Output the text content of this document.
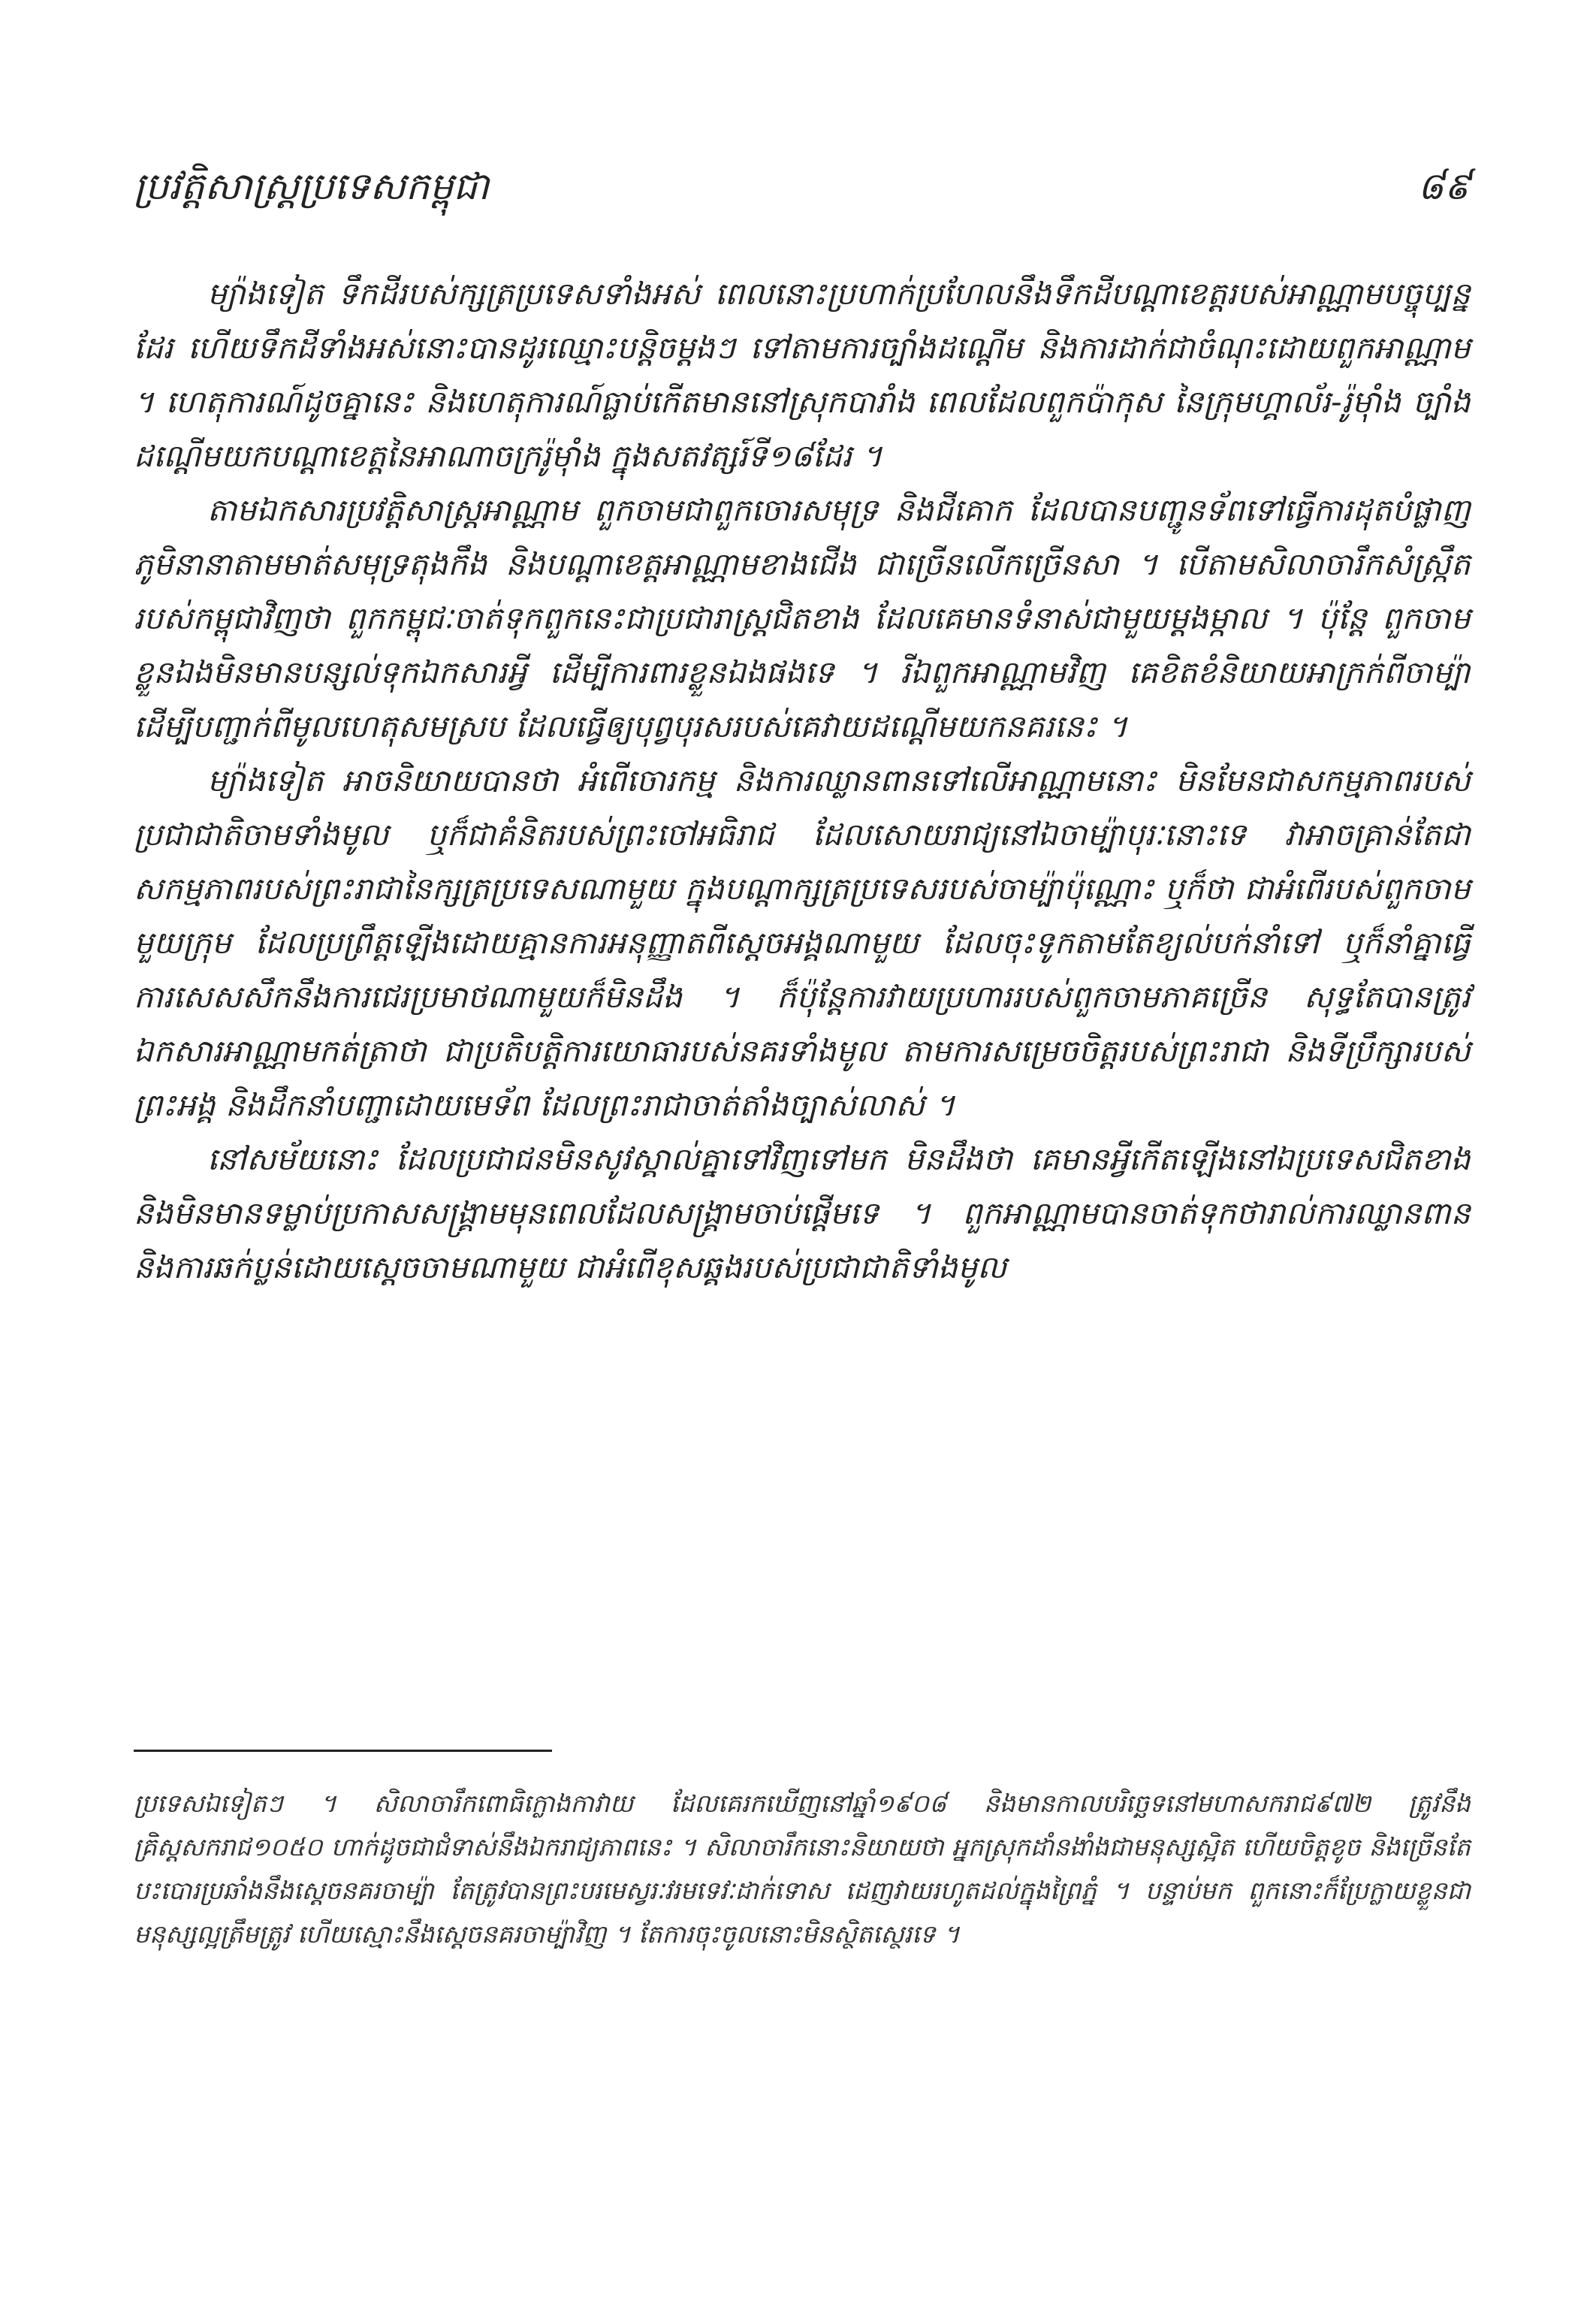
ប្រវត្តិសាស្ត្រប្រទេសកម្ពុជា	៨៩

ម្យ៉ាងទៀត ទឹកដីរបស់ក្សត្រប្រទេសទាំងអស់ ពេលនោះប្រហាក់ប្រហែលនឹងទឹកដីបណ្ដាខេត្តរបស់អាណ្ណាមបច្ចុប្បន្នដែរ ហើយទឹកដីទាំងអស់នោះបានដូរឈ្មោះបន្តិចម្ដងៗ ទៅតាមការច្បាំងដណ្ដើម និងការដាក់ជាចំណុះដោយពួកអាណ្ណាម ។ ហេតុការណ៍ដូចគ្នានេះ និងហេតុការណ៍ធ្លាប់កើតមាននៅស្រុកបារាំង ពេលដែលពួកប៉ាកុស នៃក្រុមហ្គាល័រ-រ៉ូម៉ាំង ច្បាំងដណ្ដើមយកបណ្ដាខេត្តនៃអាណាចក្ររ៉ូម៉ាំង ក្នុងសតវត្សរ៍ទី១៨ដែរ ។

តាមឯកសារប្រវត្តិសាស្ត្រអាណ្ណាម ពួកចាមជាពួកចោរសមុទ្រ និងជីគោក ដែលបានបញ្ជូនទ័ពទៅធ្វើការដុតបំផ្លាញភូមិនានាតាមមាត់សមុទ្រតុងកឹង និងបណ្ដាខេត្តអាណ្ណាមខាងជើង ជាច្រើនលើកច្រើនសា ។ បើតាមសិលាចារឹកសំស្ក្រឹតរបស់កម្ពុជាវិញថា ពួកកម្ពុជៈចាត់ទុកពួកនេះជាប្រជារាស្ត្រជិតខាង ដែលគេមានទំនាស់ជាមួយម្ដងម្កាល ។ ប៉ុន្តែ ពួកចាមខ្លួនឯងមិនមានបន្សល់ទុកឯកសារអ្វី ដើម្បីការពារខ្លួនឯងផងទេ ។ រីឯពួកអាណ្ណាមវិញ គេខិតខំនិយាយអាក្រក់ពីចាម្ប៉ា ដើម្បីបញ្ជាក់ពីមូលហេតុសមស្រប ដែលធ្វើឲ្យបុព្វបុរសរបស់គេវាយដណ្ដើមយកនគរនេះ ។

ម្យ៉ាងទៀត អាចនិយាយបានថា អំពើចោរកម្ម និងការឈ្លានពានទៅលើអាណ្ណាមនោះ មិនមែនជាសកម្មភាពរបស់ប្រជាជាតិចាមទាំងមូល ឬក៏ជាគំនិតរបស់ព្រះចៅអធិរាជ ដែលសោយរាជ្យនៅឯចាម្ប៉ាបុរៈនោះទេ វាអាចគ្រាន់តែជាសកម្មភាពរបស់ព្រះរាជានៃក្សត្រប្រទេសណាមួយ ក្នុងបណ្ដាក្សត្រប្រទេសរបស់ចាម្ប៉ាប៉ុណ្ណោះ ឬក៏ថា ជាអំពើរបស់ពួកចាមមួយក្រុម ដែលប្រព្រឹត្តឡើងដោយគ្មានការអនុញ្ញាតពីស្ដេចអង្គណាមួយ ដែលចុះទូកតាមតែខ្យល់បក់នាំទៅ ឬក៏នាំគ្នាធ្វើការសេសសឹកនឹងការជេរប្រមាថណាមួយក៏មិនដឹង ។ ក៏ប៉ុន្តែការវាយប្រហាររបស់ពួកចាមភាគច្រើន សុទ្ធតែបានត្រូវឯកសារអាណ្ណាមកត់ត្រាថា ជាប្រតិបត្តិការយោធារបស់នគរទាំងមូល តាមការសម្រេចចិត្តរបស់ព្រះរាជា និងទីប្រឹក្សារបស់ព្រះអង្គ និងដឹកនាំបញ្ជាដោយមេទ័ព ដែលព្រះរាជាចាត់តាំងច្បាស់លាស់ ។

នៅសម័យនោះ ដែលប្រជាជនមិនសូវស្គាល់គ្នាទៅវិញទៅមក មិនដឹងថា គេមានអ្វីកើតឡើងនៅឯប្រទេសជិតខាង និងមិនមានទម្លាប់ប្រកាសសង្គ្រាមមុនពេលដែលសង្គ្រាមចាប់ផ្ដើមទេ ។ ពួកអាណ្ណាមបានចាត់ទុកថារាល់ការឈ្លានពាន និងការឆក់ប្លន់ដោយស្ដេចចាមណាមួយ ជាអំពើខុសឆ្គងរបស់ប្រជាជាតិទាំងមូល

ប្រទេសឯទៀតៗ ។ សិលាចារឹកពោធិក្លោងកាវាយ ដែលគេរកឃើញនៅឆ្នាំ១៩០៨ និងមានកាលបរិច្ឆេទនៅមហាសករាជ៩៧២ ត្រូវនឹងគ្រិស្តសករាជ១០៥០ ហាក់ដូចជាជំទាស់នឹងឯករាជ្យភាពនេះ ។ សិលាចារឹកនោះនិយាយថា អ្នកស្រុកដាំនងាំងជាមនុស្សស្អិត ហើយចិត្តខូច និងច្រើនតែបះបោរប្រឆាំងនឹងស្ដេចនគរចាម្ប៉ា តែត្រូវបានព្រះបរមេស្វរៈវរមទេវៈដាក់ទោស ដេញវាយរហូតដល់ក្នុងព្រៃភ្នំ ។ បន្ទាប់មក ពួកនោះក៏ប្រែក្លាយខ្លួនជាមនុស្សល្អត្រឹមត្រូវ ហើយស្មោះនឹងស្ដេចនគរចាម្ប៉ាវិញ ។ តែការចុះចូលនោះមិនស្ថិតស្ថេរទេ ។
